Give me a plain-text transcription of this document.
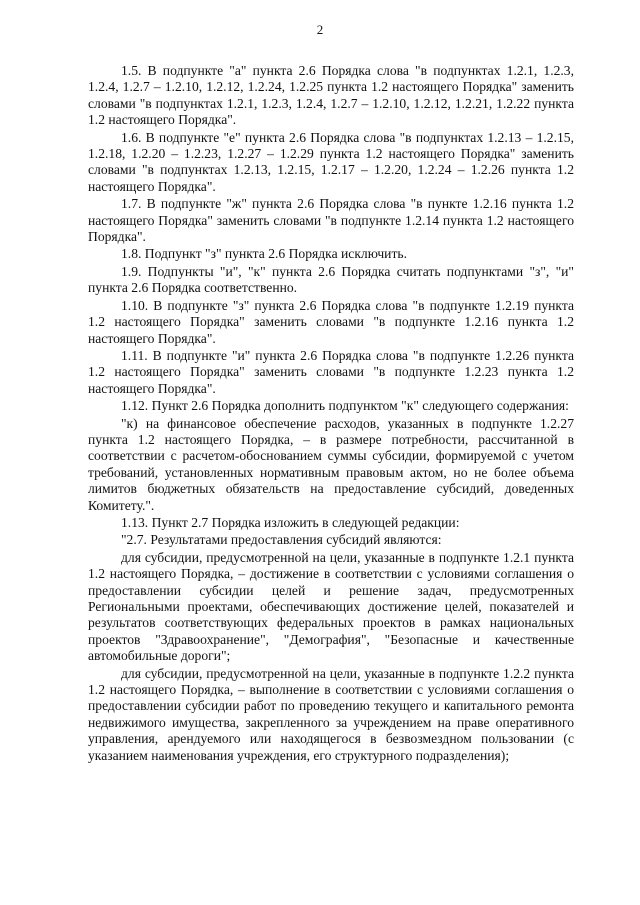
2

1.5. В подпункте "а" пункта 2.6 Порядка слова "в подпунктах 1.2.1, 1.2.3, 1.2.4, 1.2.7 – 1.2.10, 1.2.12, 1.2.24, 1.2.25 пункта 1.2 настоящего Порядка" заменить словами "в подпунктах 1.2.1, 1.2.3, 1.2.4, 1.2.7 – 1.2.10, 1.2.12, 1.2.21, 1.2.22 пункта 1.2 настоящего Порядка".

1.6. В подпункте "е" пункта 2.6 Порядка слова "в подпунктах 1.2.13 – 1.2.15, 1.2.18, 1.2.20 – 1.2.23, 1.2.27 – 1.2.29 пункта 1.2 настоящего Порядка" заменить словами "в подпунктах 1.2.13, 1.2.15, 1.2.17 – 1.2.20, 1.2.24 – 1.2.26 пункта 1.2 настоящего Порядка".

1.7. В подпункте "ж" пункта 2.6 Порядка слова "в пункте 1.2.16 пункта 1.2 настоящего Порядка" заменить словами "в подпункте 1.2.14 пункта 1.2 настоящего Порядка".

1.8. Подпункт "з" пункта 2.6 Порядка исключить.

1.9. Подпункты "и", "к" пункта 2.6 Порядка считать подпунктами "з", "и" пункта 2.6 Порядка соответственно.

1.10. В подпункте "з" пункта 2.6 Порядка слова "в подпункте 1.2.19 пункта 1.2 настоящего Порядка" заменить словами "в подпункте 1.2.16 пункта 1.2 настоящего Порядка".

1.11. В подпункте "и" пункта 2.6 Порядка слова "в подпункте 1.2.26 пункта 1.2 настоящего Порядка" заменить словами "в подпункте 1.2.23 пункта 1.2 настоящего Порядка".

1.12. Пункт 2.6 Порядка дополнить подпунктом "к" следующего содержания:

"к) на финансовое обеспечение расходов, указанных в подпункте 1.2.27 пункта 1.2 настоящего Порядка, – в размере потребности, рассчитанной в соответствии с расчетом-обоснованием суммы субсидии, формируемой с учетом требований, установленных нормативным правовым актом, но не более объема лимитов бюджетных обязательств на предоставление субсидий, доведенных Комитету.".

1.13. Пункт 2.7 Порядка изложить в следующей редакции:

"2.7. Результатами предоставления субсидий являются:

для субсидии, предусмотренной на цели, указанные в подпункте 1.2.1 пункта 1.2 настоящего Порядка, – достижение в соответствии с условиями соглашения о предоставлении субсидии целей и решение задач, предусмотренных Региональными проектами, обеспечивающих достижение целей, показателей и результатов соответствующих федеральных проектов в рамках национальных проектов "Здравоохранение", "Демография", "Безопасные и качественные автомобильные дороги";

для субсидии, предусмотренной на цели, указанные в подпункте 1.2.2 пункта 1.2 настоящего Порядка, – выполнение в соответствии с условиями соглашения о предоставлении субсидии работ по проведению текущего и капитального ремонта недвижимого имущества, закрепленного за учреждением на праве оперативного управления, арендуемого или находящегося в безвозмездном пользовании (с указанием наименования учреждения, его структурного подразделения);
